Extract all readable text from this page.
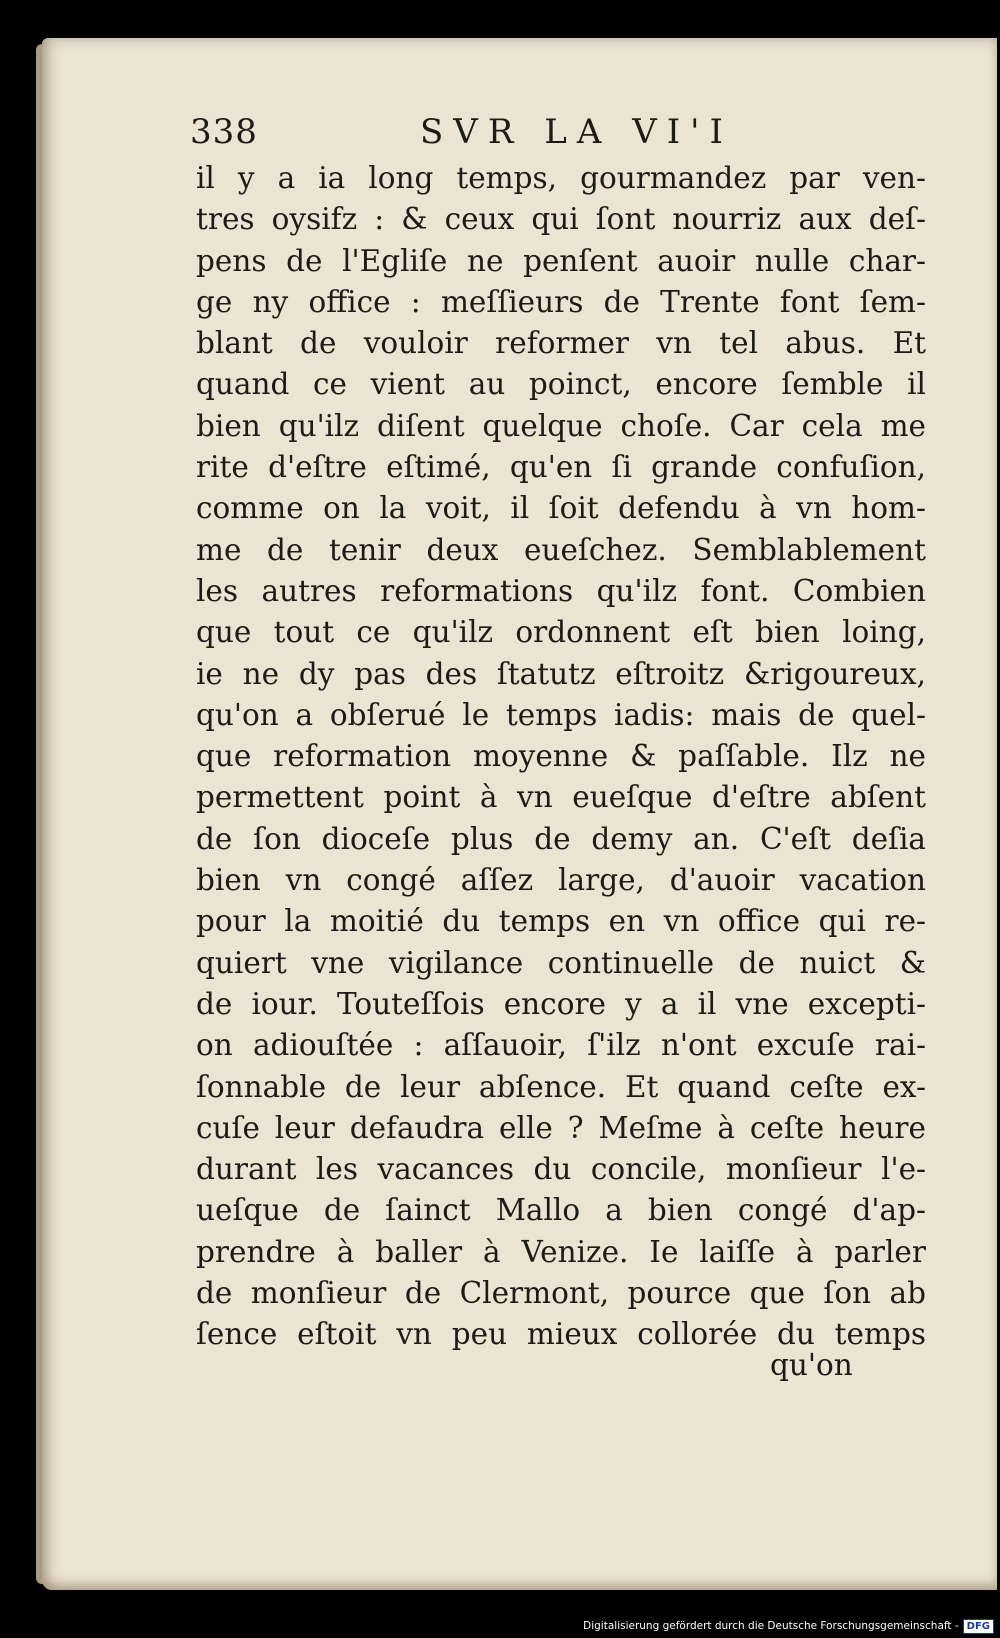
338	SVR LA VI'I
il y a ia long temps, gourmandez par ven-
tres oysifz : & ceux qui ſont nourriz aux deſ-
pens de l'Egliſe ne penſent auoir nulle char-
ge ny office : meſſieurs de Trente font ſem-
blant de vouloir reformer vn tel abus. Et
quand ce vient au poinct, encore ſemble il
bien qu'ilz diſent quelque choſe. Car cela me
rite d'eſtre eſtimé, qu'en ſi grande confuſion,
comme on la voit, il ſoit defendu à vn hom-
me de tenir deux eueſchez. Semblablement
les autres reformations qu'ilz font. Combien
que tout ce qu'ilz ordonnent eſt bien loing,
ie ne dy pas des ſtatutz eſtroitz &rigoureux,
qu'on a obſerué le temps iadis: mais de quel-
que reformation moyenne & paſſable. Ilz ne
permettent point à vn eueſque d'eſtre abſent
de ſon dioceſe plus de demy an. C'eſt deſia
bien vn congé aſſez large, d'auoir vacation
pour la moitié du temps en vn office qui re-
quiert vne vigilance continuelle de nuict &
de iour. Touteſſois encore y a il vne excepti-
on adiouſtée : aſſauoir, ſ'ilz n'ont excuſe rai-
ſonnable de leur abſence. Et quand ceſte ex-
cuſe leur defaudra elle ? Meſme à ceſte heure
durant les vacances du concile, monſieur l'e-
ueſque de ſainct Mallo a bien congé d'ap-
prendre à baller à Venize. Ie laiſſe à parler
de monſieur de Clermont, pource que ſon ab
ſence eſtoit vn peu mieux collorée du temps
qu'on
Digitalisierung gefördert durch die Deutsche Forschungsgemeinschaft - DFG
